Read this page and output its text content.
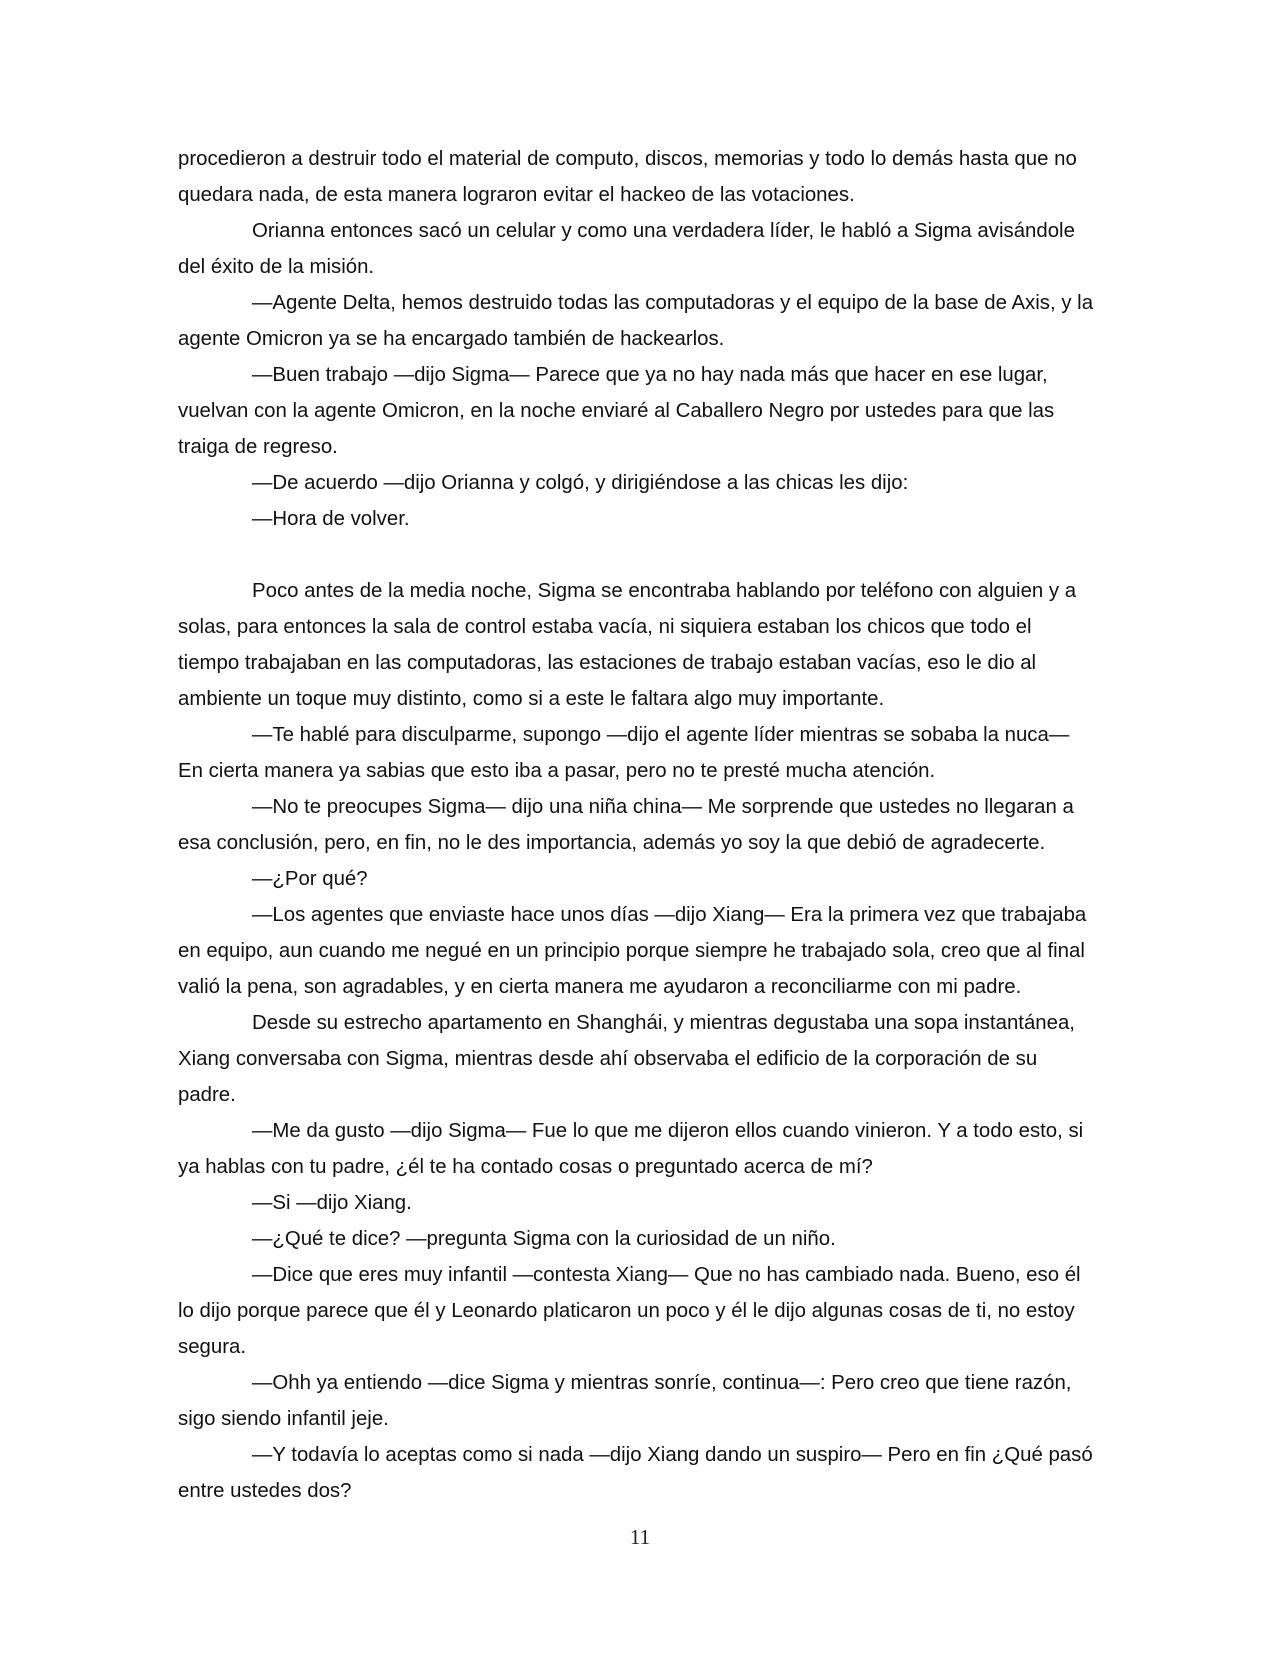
procedieron a destruir todo el material de computo, discos, memorias y todo lo demás hasta que no quedara nada, de esta manera lograron evitar el hackeo de las votaciones.

Orianna entonces sacó un celular y como una verdadera líder, le habló a Sigma avisándole del éxito de la misión.

—Agente Delta, hemos destruido todas las computadoras y el equipo de la base de Axis, y la agente Omicron ya se ha encargado también de hackearlos.

—Buen trabajo —dijo Sigma— Parece que ya no hay nada más que hacer en ese lugar, vuelvan con la agente Omicron, en la noche enviaré al Caballero Negro por ustedes para que las traiga de regreso.

—De acuerdo —dijo Orianna y colgó, y dirigiéndose a las chicas les dijo:

—Hora de volver.

Poco antes de la media noche, Sigma se encontraba hablando por teléfono con alguien y a solas, para entonces la sala de control estaba vacía, ni siquiera estaban los chicos que todo el tiempo trabajaban en las computadoras, las estaciones de trabajo estaban vacías, eso le dio al ambiente un toque muy distinto, como si a este le faltara algo muy importante.

—Te hablé para disculparme, supongo —dijo el agente líder mientras se sobaba la nuca— En cierta manera ya sabias que esto iba a pasar, pero no te presté mucha atención.

—No te preocupes Sigma— dijo una niña china— Me sorprende que ustedes no llegaran a esa conclusión, pero, en fin, no le des importancia, además yo soy la que debió de agradecerte.

—¿Por qué?

—Los agentes que enviaste hace unos días —dijo Xiang— Era la primera vez que trabajaba en equipo, aun cuando me negué en un principio porque siempre he trabajado sola, creo que al final valió la pena, son agradables, y en cierta manera me ayudaron a reconciliarme con mi padre.

Desde su estrecho apartamento en Shanghái, y mientras degustaba una sopa instantánea, Xiang conversaba con Sigma, mientras desde ahí observaba el edificio de la corporación de su padre.

—Me da gusto —dijo Sigma— Fue lo que me dijeron ellos cuando vinieron. Y a todo esto, si ya hablas con tu padre, ¿él te ha contado cosas o preguntado acerca de mí?

—Si —dijo Xiang.

—¿Qué te dice? —pregunta Sigma con la curiosidad de un niño.

—Dice que eres muy infantil —contesta Xiang— Que no has cambiado nada. Bueno, eso él lo dijo porque parece que él y Leonardo platicaron un poco y él le dijo algunas cosas de ti, no estoy segura.

—Ohh ya entiendo —dice Sigma y mientras sonríe, continua—: Pero creo que tiene razón, sigo siendo infantil jeje.

—Y todavía lo aceptas como si nada —dijo Xiang dando un suspiro— Pero en fin ¿Qué pasó entre ustedes dos?

11
